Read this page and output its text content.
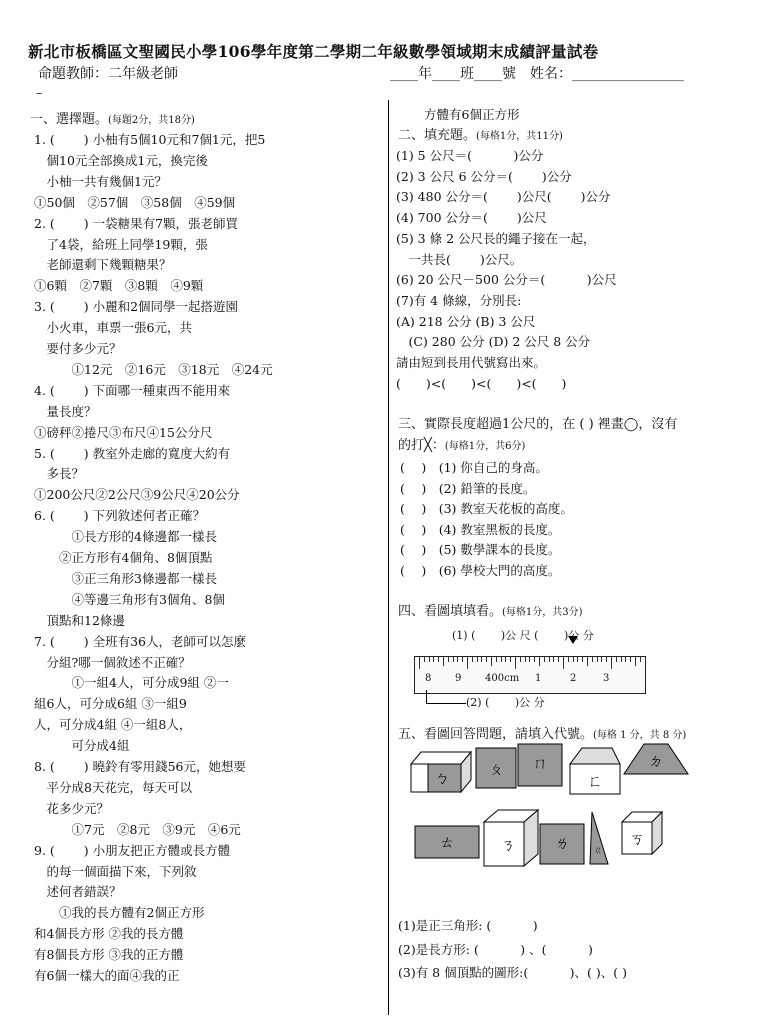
新北市板橋區文聖國民小學106學年度第二學期二年級數學領域期末成績評量試卷
命題教師：二年級老師	____年____班____號　姓名：________________
–
一、選擇題。(每題2分，共18分)
1. (　　 ) 小柚有5個10元和7個1元，把5
　個10元全部換成1元，換完後
　小柚一共有幾個1元？
①50個　②57個　③58個　④59個
2. (　　 ) 一袋糖果有7顆，張老師買
　了4袋，給班上同學19顆，張
　老師還剩下幾顆糖果？
①6顆　②7顆　③8顆　④9顆
3. (　　 ) 小麗和2個同學一起搭遊園
　小火車，車票一張6元，共
　要付多少元？
　　　①12元　②16元　③18元　④24元
4. (　　 ) 下面哪一種東西不能用來
　量長度？
①磅秤②捲尺③布尺④15公分尺
5. (　　 ) 教室外走廊的寬度大約有
　多長？
①200公尺②2公尺③9公尺④20公分
6. (　　 ) 下列敘述何者正確？
　　　①長方形的4條邊都一樣長
　　②正方形有4個角、8個頂點
　　　③正三角形3條邊都一樣長
　　　④等邊三角形有3個角、8個
　頂點和12條邊
7. (　　 ) 全班有36人，老師可以怎麼
　分組?哪一個敘述不正確？
　　　①一組4人，可分成9組 ②一
組6人，可分成6組 ③一組9
人，可分成4組 ④一組8人，
　　　可分成4組
8. (　　 ) 曉鈴有零用錢56元，她想要
　平分成8天花完，每天可以
　花多少元？
　　　①7元　②8元　③9元　④6元
9. (　　 ) 小朋友把正方體或長方體
　的每一個面描下來，下列敘
　述何者錯誤？
　　①我的長方體有2個正方形
和4個長方形 ②我的長方體
有8個長方形 ③我的正方體
有6個一樣大的面④我的正
方體有6個正方形
二、填充題。(每格1分，共11分)
(1) 5 公尺＝(　　　 )公分
(2) 3 公尺 6 公分＝(　　 )公分
(3) 480 公分＝(　　 )公尺(　　 )公分
(4) 700 公分＝(　　 )公尺
(5) 3 條 2 公尺長的繩子接在一起，
　一共長(　　 )公尺。
(6) 20 公尺－500 公分＝(　　　 )公尺
(7)有 4 條線，分別長:
(A) 218 公分 (B) 3 公尺
　(C) 280 公分 (D) 2 公尺 8 公分
請由短到長用代號寫出來。
(　　)<(　　)<(　　)<(　　)
三、實際長度超過1公尺的，在 ( ) 裡畫◯，沒有
的打╳：(每格1分，共6分)
(　 )　(1) 你自己的身高。
(　 )　(2) 鉛筆的長度。
(　 )　(3) 教室天花板的高度。
(　 )　(4) 教室黑板的長度。
(　 )　(5) 數學課本的長度。
(　 )　(6) 學校大門的高度。
四、看圖填填看。(每格1分，共3分)
(1) (　　 )公 尺 (　　 )公 分
8 9 400cm 1	2	3
(2) (　　 )公 分
五、看圖回答問題，請填入代號。(每格 1 分，共 8 分)
ㄅ	ㄆ ㄇ
ㄈ
ㄉ
ㄊ	ㄋ	ㄌ ㄍ
ㄎ
(1)是正三角形: (　　　 )
(2)是長方形: (　　　 ) 、(　　　 )
(3)有 8 個頂點的圖形:(　　　 )、( )、( )
